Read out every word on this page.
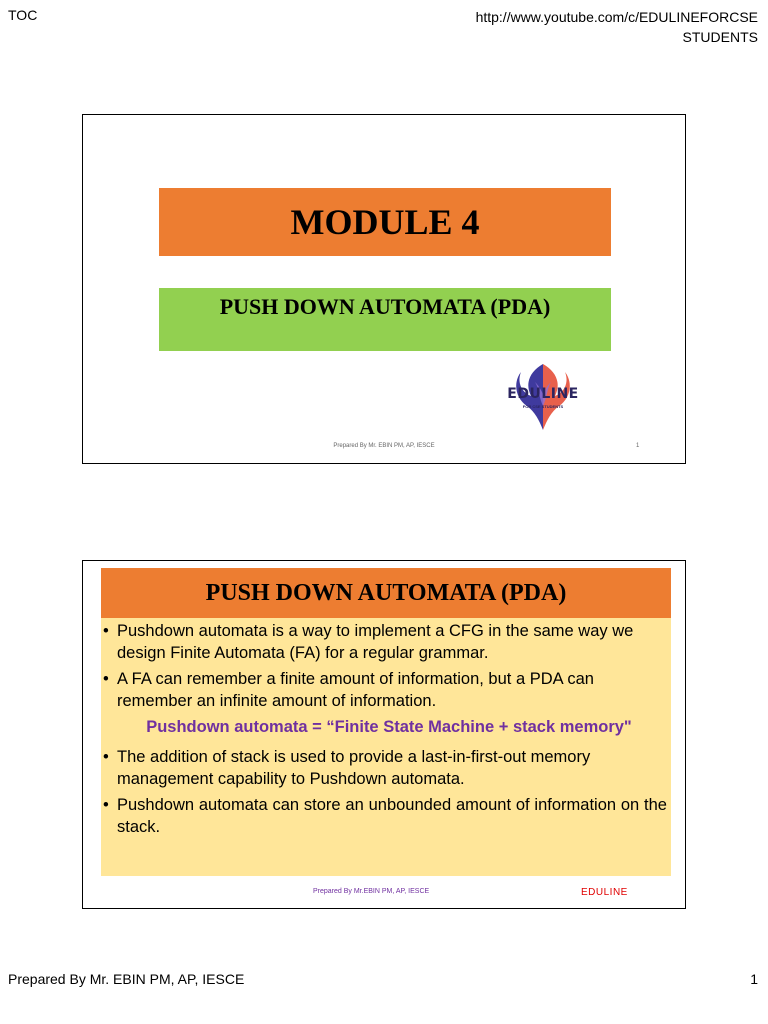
TOC	http://www.youtube.com/c/EDULINEFORCSE
STUDENTS
MODULE 4
PUSH DOWN AUTOMATA (PDA)
EDULINE
FOR CSE STUDENTS
Prepared By Mr. EBIN PM, AP, IESCE	1
PUSH DOWN AUTOMATA (PDA)
• Pushdown automata is a way to implement a CFG in the same way we design Finite Automata (FA) for a regular grammar.
• A FA can remember a finite amount of information, but a PDA can remember an infinite amount of information.
Pushdown automata = “Finite State Machine + stack memory"
• The addition of stack is used to provide a last-in-first-out memory management capability to Pushdown automata.
• Pushdown automata can store an unbounded amount of information on the stack.
Prepared By Mr.EBIN PM, AP, IESCE	EDULINE
Prepared By Mr. EBIN PM, AP, IESCE	1
